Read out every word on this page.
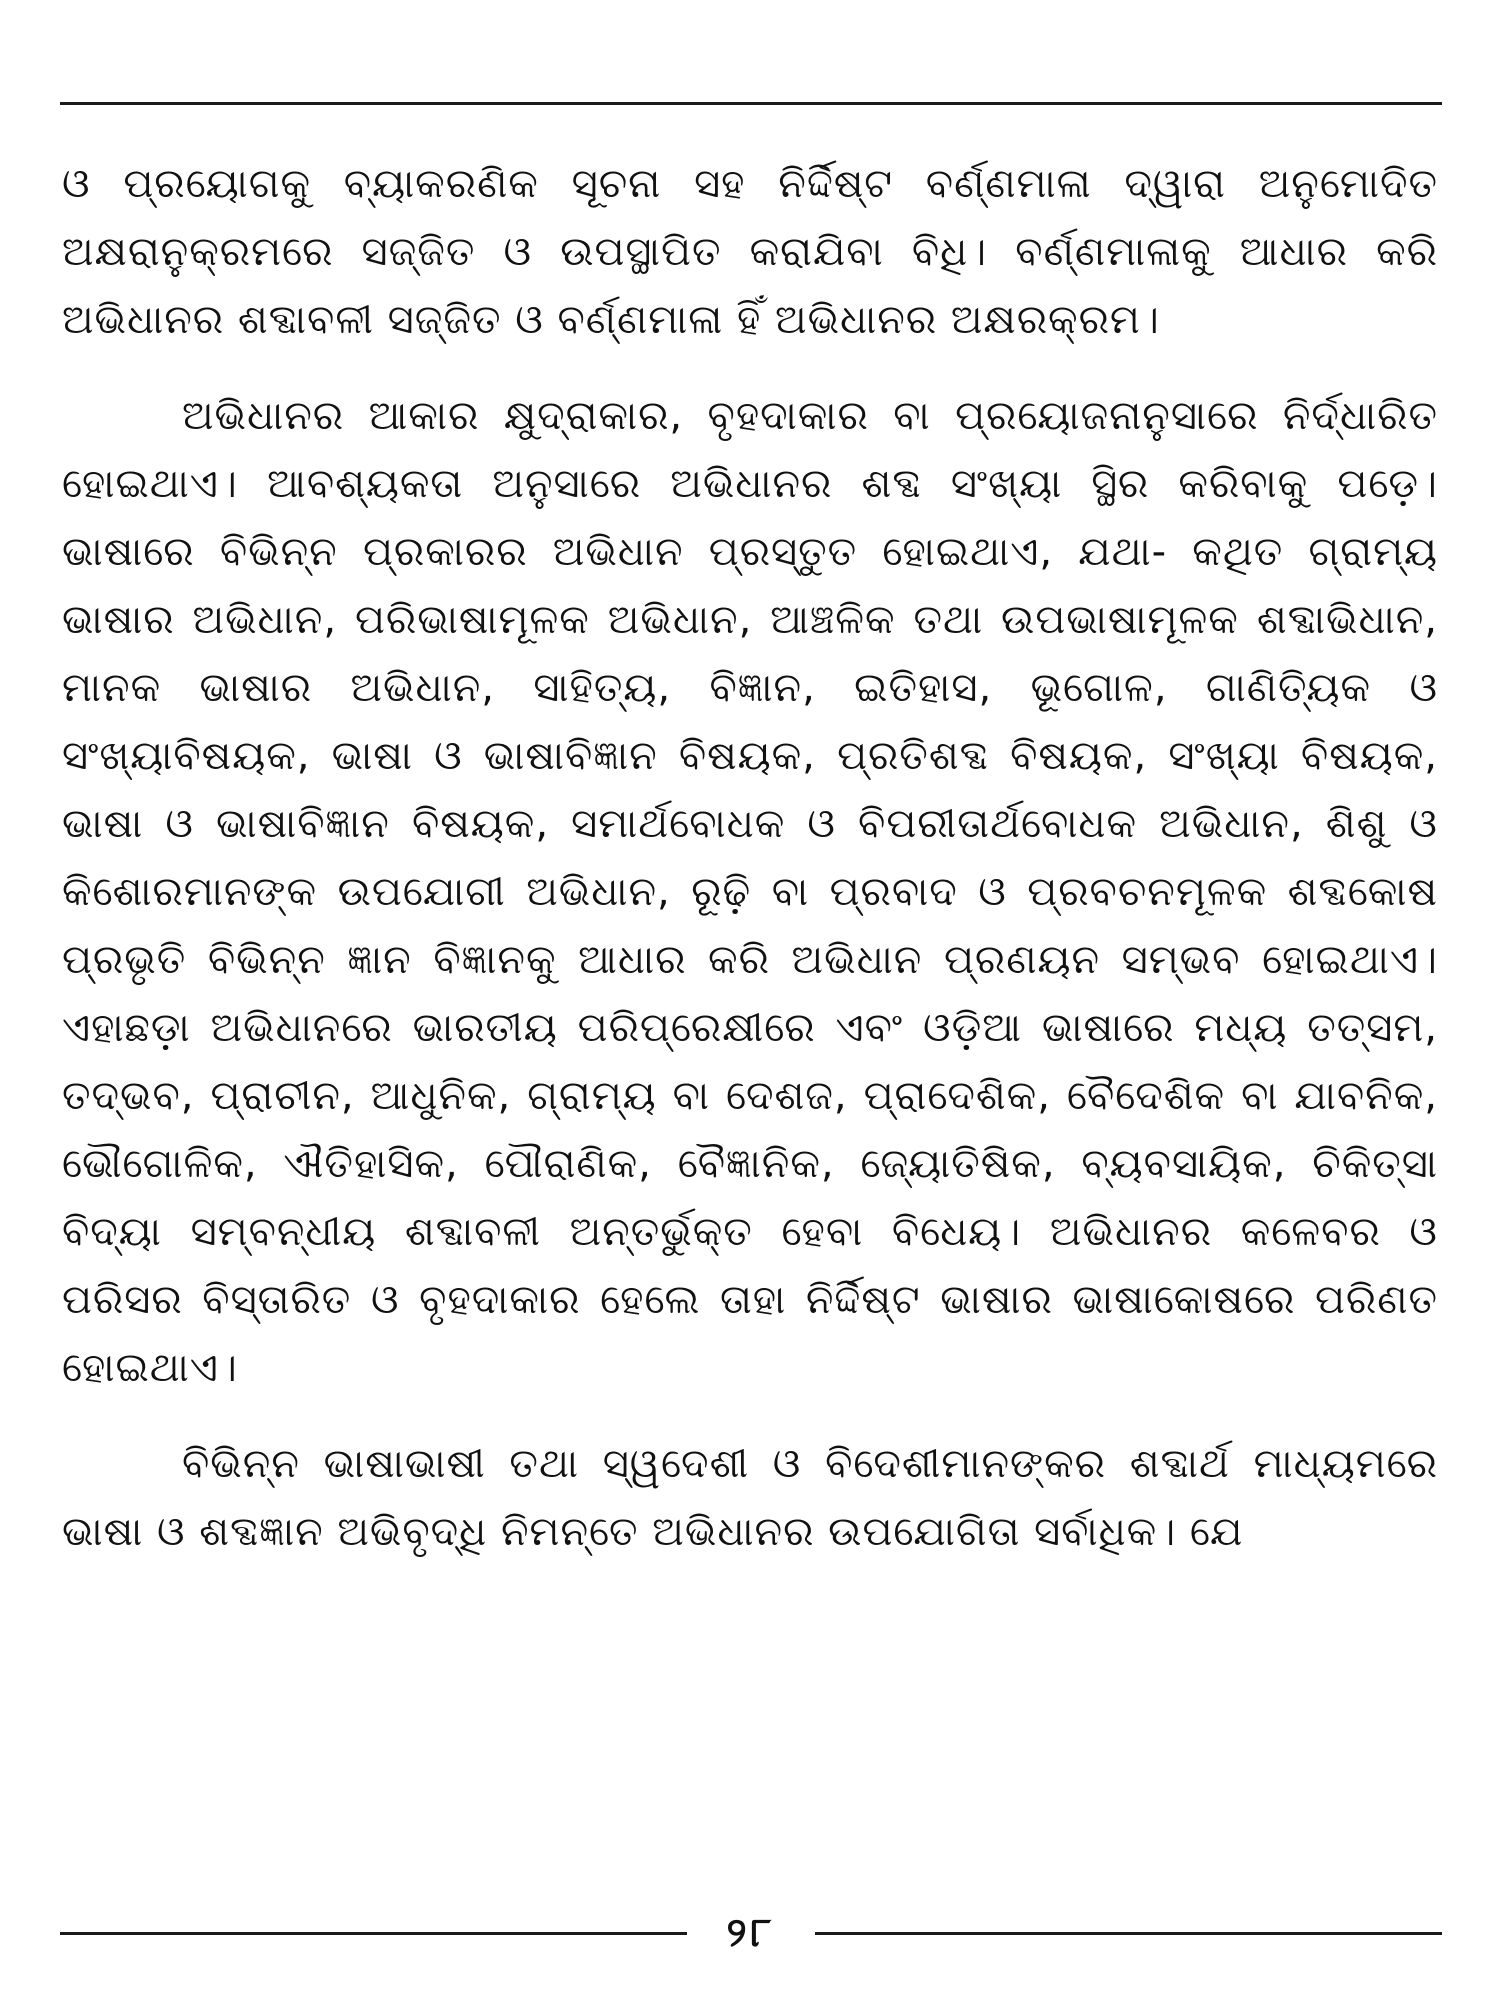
ଓ ପ୍ରୟୋଗକୁ ବ୍ୟାକରଣିକ ସୂଚନା ସହ ନିର୍ଦ୍ଦିଷ୍ଟ ବର୍ଣ୍ଣମାଳା ଦ୍ୱାରା ଅନୁମୋଦିତ ଅକ୍ଷରାନୁକ୍ରମରେ ସଜ୍ଜିତ ଓ ଉପସ୍ଥାପିତ କରାଯିବା ବିଧି। ବର୍ଣ୍ଣମାଳାକୁ ଆଧାର କରି ଅଭିଧାନର ଶବ୍ଦାବଳୀ ସଜ୍ଜିତ ଓ ବର୍ଣ୍ଣମାଳା ହିଁ ଅଭିଧାନର ଅକ୍ଷରକ୍ରମ।

ଅଭିଧାନର ଆକାର କ୍ଷୁଦ୍ରାକାର, ବୃହଦାକାର ବା ପ୍ରୟୋଜନାନୁସାରେ ନିର୍ଦ୍ଧାରିତ ହୋଇଥାଏ। ଆବଶ୍ୟକତା ଅନୁସାରେ ଅଭିଧାନର ଶବ୍ଦ ସଂଖ୍ୟା ସ୍ଥିର କରିବାକୁ ପଡ଼େ। ଭାଷାରେ ବିଭିନ୍ନ ପ୍ରକାରର ଅଭିଧାନ ପ୍ରସ୍ତୁତ ହୋଇଥାଏ, ଯଥା- କଥିତ ଗ୍ରାମ୍ୟ ଭାଷାର ଅଭିଧାନ, ପରିଭାଷାମୂଳକ ଅଭିଧାନ, ଆଞ୍ଚଳିକ ତଥା ଉପଭାଷାମୂଳକ ଶବ୍ଦାଭିଧାନ, ମାନକ ଭାଷାର ଅଭିଧାନ, ସାହିତ୍ୟ, ବିଜ୍ଞାନ, ଇତିହାସ, ଭୂଗୋଳ, ଗାଣିତ୍ୟିକ ଓ ସଂଖ୍ୟାବିଷୟକ, ଭାଷା ଓ ଭାଷାବିଜ୍ଞାନ ବିଷୟକ, ପ୍ରତିଶବ୍ଦ ବିଷୟକ, ସଂଖ୍ୟା ବିଷୟକ, ଭାଷା ଓ ଭାଷାବିଜ୍ଞାନ ବିଷୟକ, ସମାର୍ଥବୋଧକ ଓ ବିପରୀତାର୍ଥବୋଧକ ଅଭିଧାନ, ଶିଶୁ ଓ କିଶୋରମାନଙ୍କ ଉପଯୋଗୀ ଅଭିଧାନ, ରୂଢ଼ି ବା ପ୍ରବାଦ ଓ ପ୍ରବଚନମୂଳକ ଶବ୍ଦକୋଷ ପ୍ରଭୃତି ବିଭିନ୍ନ ଜ୍ଞାନ ବିଜ୍ଞାନକୁ ଆଧାର କରି ଅଭିଧାନ ପ୍ରଣୟନ ସମ୍ଭବ ହୋଇଥାଏ। ଏହାଛଡ଼ା ଅଭିଧାନରେ ଭାରତୀୟ ପରିପ୍ରେକ୍ଷୀରେ ଏବଂ ଓଡ଼ିଆ ଭାଷାରେ ମଧ୍ୟ ତତ୍ସମ, ତଦ୍‌ଭବ, ପ୍ରାଚୀନ, ଆଧୁନିକ, ଗ୍ରାମ୍ୟ ବା ଦେଶଜ, ପ୍ରାଦେଶିକ, ବୈଦେଶିକ ବା ଯାବନିକ, ଭୌଗୋଳିକ, ଐତିହାସିକ, ପୌରାଣିକ, ବୈଜ୍ଞାନିକ, ଜ୍ୟୋତିଷିକ, ବ୍ୟବସାୟିକ, ଚିକିତ୍ସା ବିଦ୍ୟା ସମ୍ବନ୍ଧୀୟ ଶବ୍ଦାବଳୀ ଅନ୍ତର୍ଭୁକ୍ତ ହେବା ବିଧେୟ। ଅଭିଧାନର କଳେବର ଓ ପରିସର ବିସ୍ତାରିତ ଓ ବୃହଦାକାର ହେଲେ ତାହା ନିର୍ଦ୍ଦିଷ୍ଟ ଭାଷାର ଭାଷାକୋଷରେ ପରିଣତ ହୋଇଥାଏ।

ବିଭିନ୍ନ ଭାଷାଭାଷୀ ତଥା ସ୍ୱଦେଶୀ ଓ ବିଦେଶୀମାନଙ୍କର ଶବ୍ଦାର୍ଥ ମାଧ୍ୟମରେ ଭାଷା ଓ ଶବ୍ଦଜ୍ଞାନ ଅଭିବୃଦ୍ଧି ନିମନ୍ତେ ଅଭିଧାନର ଉପଯୋଗିତା ସର୍ବାଧିକ। ଯେ

୨୮
